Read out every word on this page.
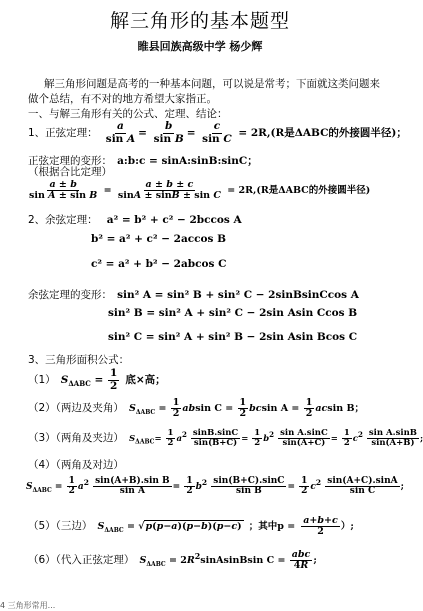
解三角形的基本题型
睢县回族高级中学 杨少辉
解三角形问题是高考的一种基本问题，可以说是常考；下面就这类问题来
做个总结，有不对的地方希望大家指正。
一、与解三角形有关的公式、定理、结论：
1、正弦定理： $\frac{a}{\text{sin A}} = \frac{b}{\text{sin B}} = \frac{c}{\text{sin C}} = 2R,(R$是ΔABC的外接圆半径)；
正弦定理的变形： a:b:c = sinA:sinB:sinC；
（根据合比定理）
$\frac{a \pm b}{\text{sin A ± sin B}} = \frac{a \pm b \pm c}{\text{sinA ± sinB ± sin C}} = 2R,(R$是ΔABC的外接圆半径)
2、余弦定理： a² = b² + c² − 2bccos A
b² = a² + c² − 2accos B
c² = a² + b² − 2abcos C
余弦定理的变形： sin² A = sin² B + sin² C − 2sinBsinCcos A
sin² B = sin² A + sin² C − 2sin Asin Ccos B
sin² C = sin² A + sin² B − 2sin Asin Bcos C
3、三角形面积公式：
（1） $S_{\Delta ABC} = \frac{1}{2}$ 底×高；
（2）（两边及夹角） $S_{\Delta ABC} = \frac{1}{2}$ absin $C = \frac{1}{2}$ bcsin $A = \frac{1}{2}$ acsin B；
（3）（两角及夹边） $S_{\Delta ABC}= \frac{1}{2} a^2 \frac{\sin B.\sin C}{\sin(B+C)} = \frac{1}{2} b^2 \frac{\text{sin A.sinC}}{\sin(A+C)} = \frac{1}{2} c^2 \frac{\text{sin A.sinB}}{\sin(A+B)}$ ;
（4）（两角及对边）
$S_{\Delta ABC} = \frac{1}{2} a^2 \frac{\text{sin(A+B).sin B}}{\text{sin A}} = \frac{1}{2} b^2 \frac{\sin(B+C).\sin C}{\text{sin B}} = \frac{1}{2} c^2 \frac{\sin(A+C).\sin A}{\text{sin C}}$ ;
（5）（三边） $S_{\Delta ABC} = √p(p-a)(p-b)(p-c)$ ；其中$p = \frac{a+b+c}{2}$ ）;
（6）（代入正弦定理） $S_{\Delta ABC}$ = $2R^2sinAsinBsin$ C =
abc
4R ;
4 三角形常用...
